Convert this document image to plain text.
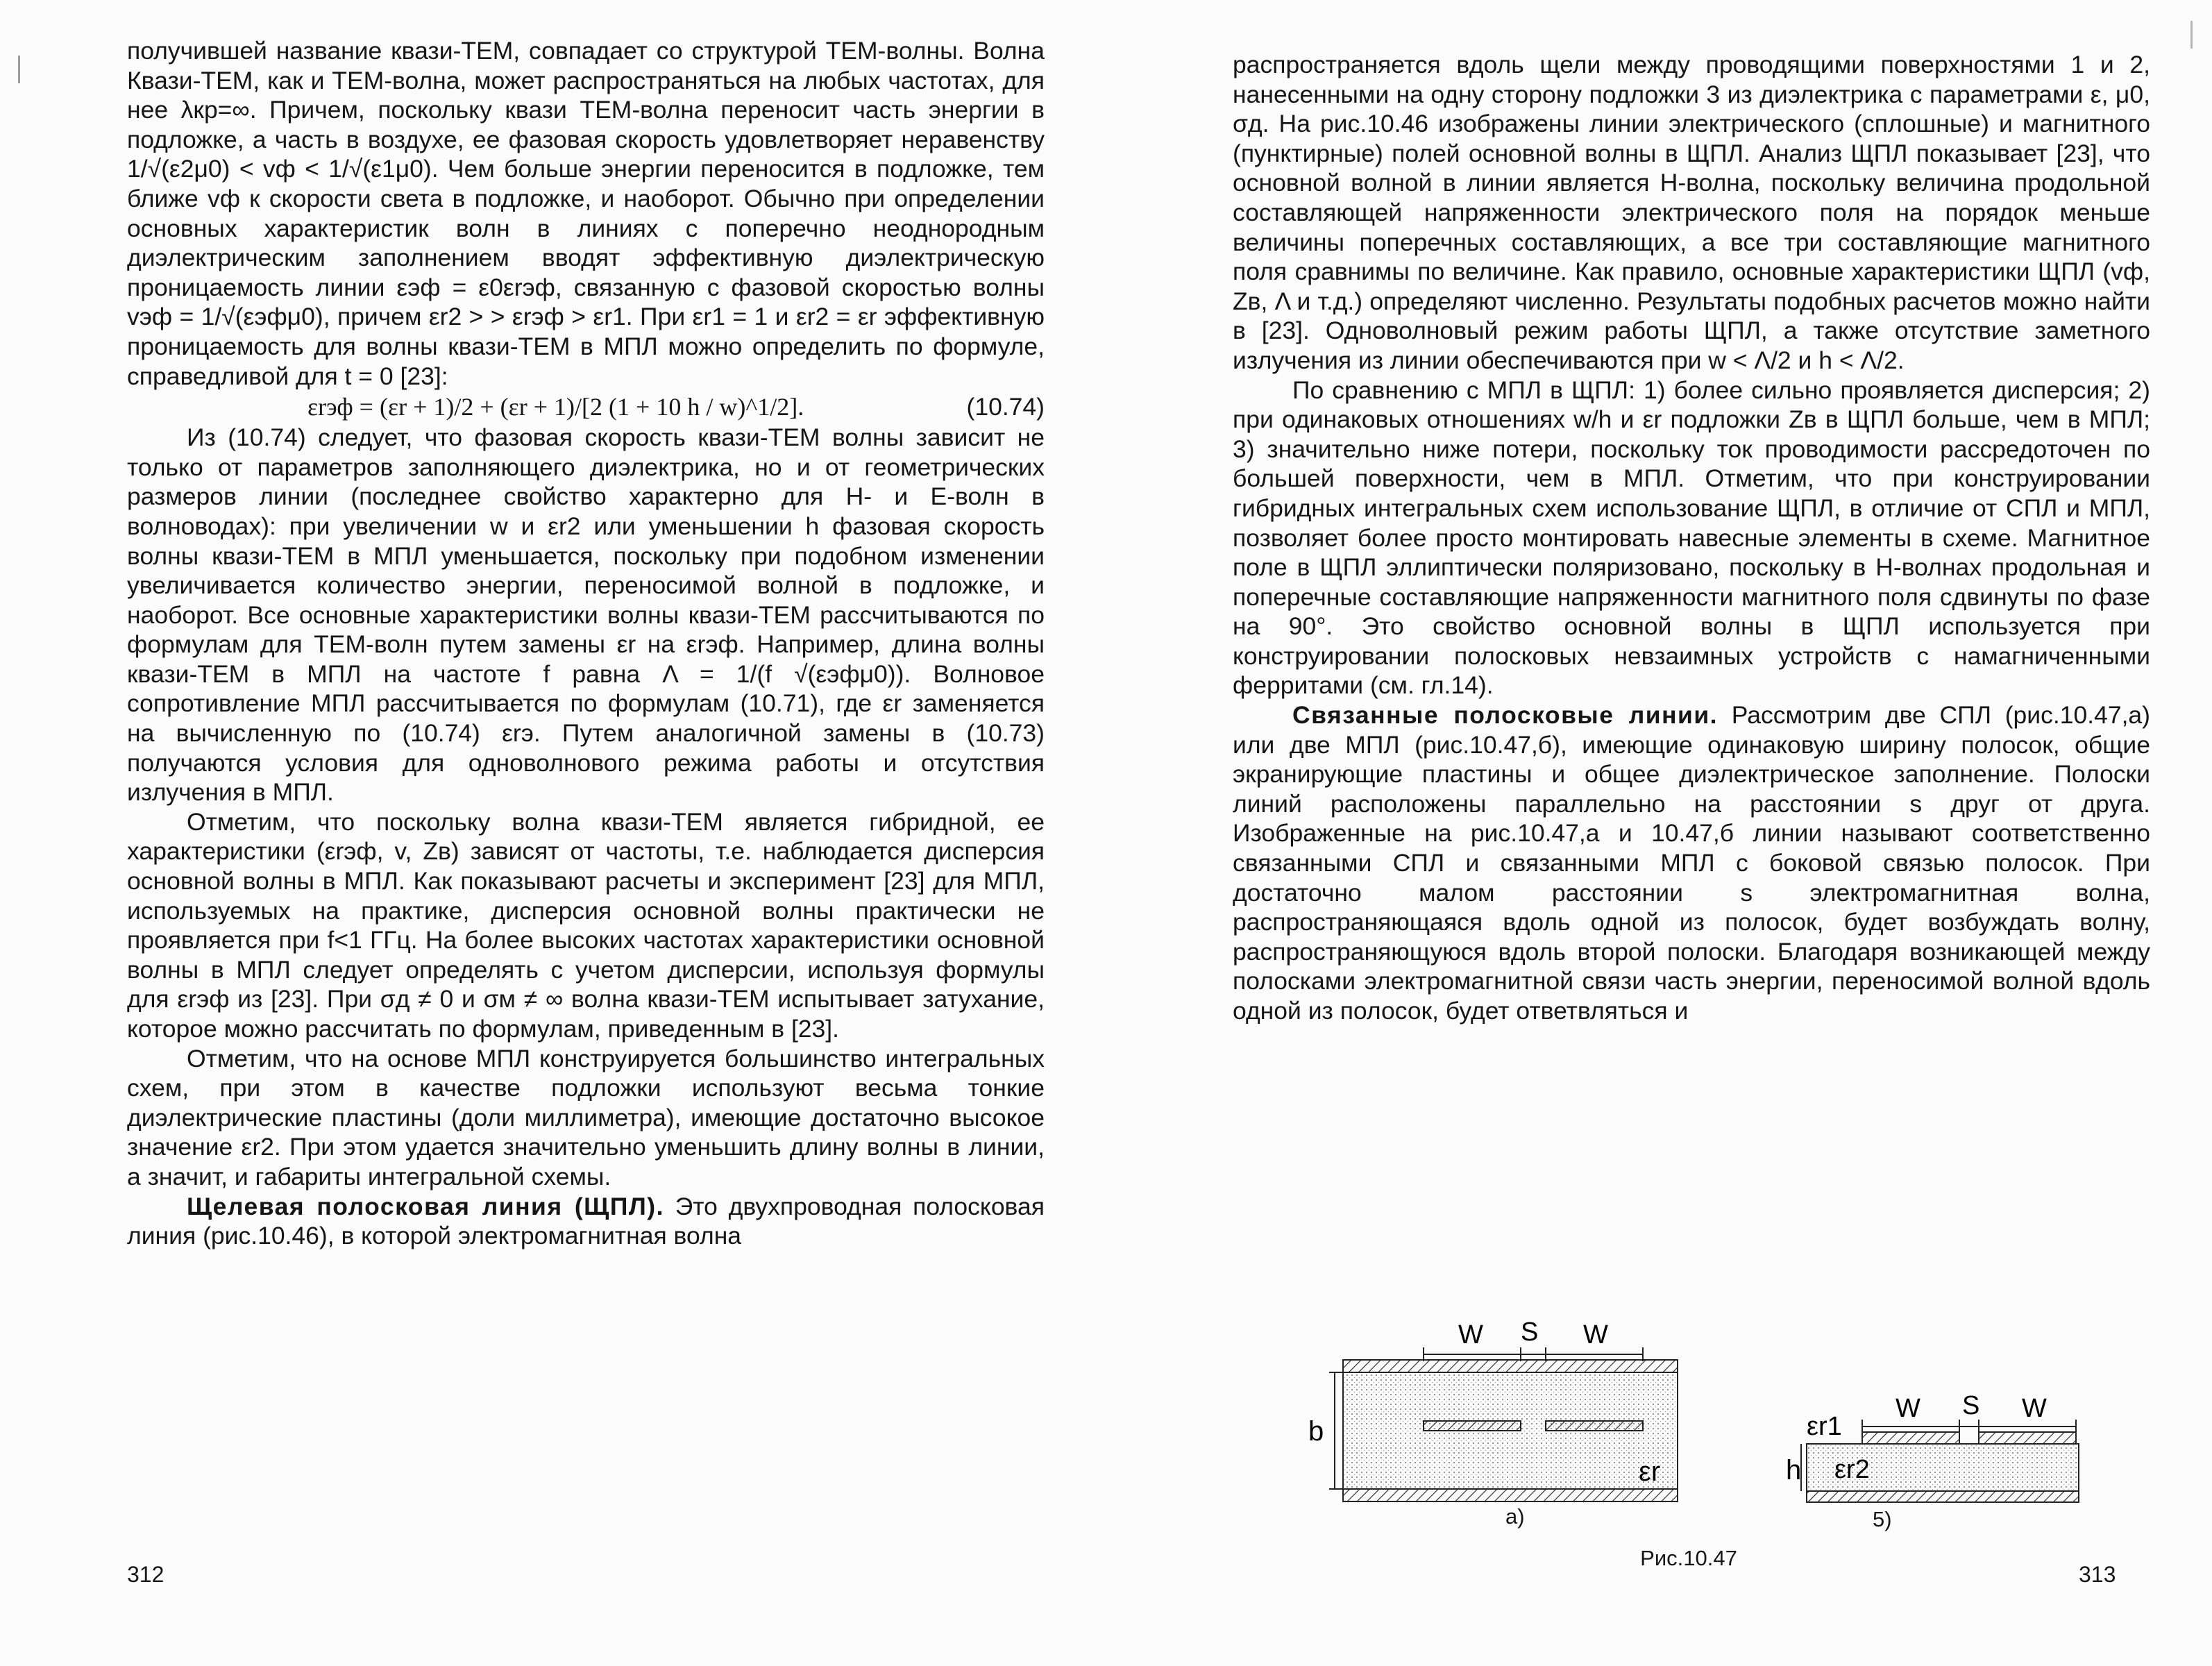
получившей название квази-TEM, совпадает со структурой TEM-волны. Волна Квази-TEM, как и TEM-волна, может распространяться на любых частотах, для нее λкр=∞. Причем, поскольку квази TEM-волна переносит часть энергии в подложке, а часть в воздухе, ее фазовая скорость удовлетворяет неравенству 1/√(ε2μ0) < vф < 1/√(ε1μ0). Чем больше энергии переносится в подложке, тем ближе vф к скорости света в подложке, и наоборот. Обычно при определении основных характеристик волн в линиях с поперечно неоднородным диэлектрическим заполнением вводят эффективную диэлектрическую проницаемость линии εэф = ε0εrэф, связанную с фазовой скоростью волны vэф = 1/√(εэфμ0), причем εr2 > > εrэф > εr1. При εr1 = 1 и εr2 = εr эффективную проницаемость для волны квази-TEM в МПЛ можно определить по формуле, справедливой для t = 0 [23]:

εrэф = (εr + 1)/2 + (εr + 1)/[2 (1 + 10 h / w)^1/2].	(10.74)

Из (10.74) следует, что фазовая скорость квази-TEM волны зависит не только от параметров заполняющего диэлектрика, но и от геометрических размеров линии (последнее свойство характерно для H- и E-волн в волноводах): при увеличении w и εr2 или уменьшении h фазовая скорость волны квази-TEM в МПЛ уменьшается, поскольку при подобном изменении увеличивается количество энергии, переносимой волной в подложке, и наоборот. Все основные характеристики волны квази-TEM рассчитываются по формулам для TEM-волн путем замены εr на εrэф. Например, длина волны квази-TEM в МПЛ на частоте f равна Λ = 1/(f √(εэфμ0)). Волновое сопротивление МПЛ рассчитывается по формулам (10.71), где εr заменяется на вычисленную по (10.74) εrэ. Путем аналогичной замены в (10.73) получаются условия для одноволнового режима работы и отсутствия излучения в МПЛ.

Отметим, что поскольку волна квази-TEM является гибридной, ее характеристики (εrэф, v, Zв) зависят от частоты, т.е. наблюдается дисперсия основной волны в МПЛ. Как показывают расчеты и эксперимент [23] для МПЛ, используемых на практике, дисперсия основной волны практически не проявляется при f<1 ГГц. На более высоких частотах характеристики основной волны в МПЛ следует определять с учетом дисперсии, используя формулы для εrэф из [23]. При σд ≠ 0 и σм ≠ ∞ волна квази-TEM испытывает затухание, которое можно рассчитать по формулам, приведенным в [23].

Отметим, что на основе МПЛ конструируется большинство интегральных схем, при этом в качестве подложки используют весьма тонкие диэлектрические пластины (доли миллиметра), имеющие достаточно высокое значение εr2. При этом удается значительно уменьшить длину волны в линии, а значит, и габариты интегральной схемы.

Щелевая полосковая линия (ЩПЛ). Это двухпроводная полосковая линия (рис.10.46), в которой электромагнитная волна

312

распространяется вдоль щели между проводящими поверхностями 1 и 2, нанесенными на одну сторону подложки 3 из диэлектрика с параметрами ε, μ0, σд. На рис.10.46 изображены линии электрического (сплошные) и магнитного (пунктирные) полей основной волны в ЩПЛ. Анализ ЩПЛ показывает [23], что основной волной в линии является H-волна, поскольку величина продольной составляющей напряженности электрического поля на порядок меньше величины поперечных составляющих, а все три составляющие магнитного поля сравнимы по величине. Как правило, основные характеристики ЩПЛ (vф, Zв, Λ и т.д.) определяют численно. Результаты подобных расчетов можно найти в [23]. Одноволновый режим работы ЩПЛ, а также отсутствие заметного излучения из линии обеспечиваются при w < Λ/2 и h < Λ/2.

По сравнению с МПЛ в ЩПЛ: 1) более сильно проявляется дисперсия; 2) при одинаковых отношениях w/h и εr подложки Zв в ЩПЛ больше, чем в МПЛ; 3) значительно ниже потери, поскольку ток проводимости рассредоточен по большей поверхности, чем в МПЛ. Отметим, что при конструировании гибридных интегральных схем использование ЩПЛ, в отличие от СПЛ и МПЛ, позволяет более просто монтировать навесные элементы в схеме. Магнитное поле в ЩПЛ эллиптически поляризовано, поскольку в H-волнах продольная и поперечные составляющие напряженности магнитного поля сдвинуты по фазе на 90°. Это свойство основной волны в ЩПЛ используется при конструировании полосковых невзаимных устройств с намагниченными ферритами (см. гл.14).

Связанные полосковые линии. Рассмотрим две СПЛ (рис.10.47,а) или две МПЛ (рис.10.47,б), имеющие одинаковую ширину полосок, общие экранирующие пластины и общее диэлектрическое заполнение. Полоски линий расположены параллельно на расстоянии s друг от друга. Изображенные на рис.10.47,а и 10.47,б линии называют соответственно связанными СПЛ и связанными МПЛ с боковой связью полосок. При достаточно малом расстоянии s электромагнитная волна, распространяющаяся вдоль одной из полосок, будет возбуждать волну, распространяющуюся вдоль второй полоски. Благодаря возникающей между полосками электромагнитной связи часть энергии, переносимой волной вдоль одной из полосок, будет ответвляться и

W S W
b
εr
εr1
W S W
h εr2
а)	5)
Рис.10.47
313
